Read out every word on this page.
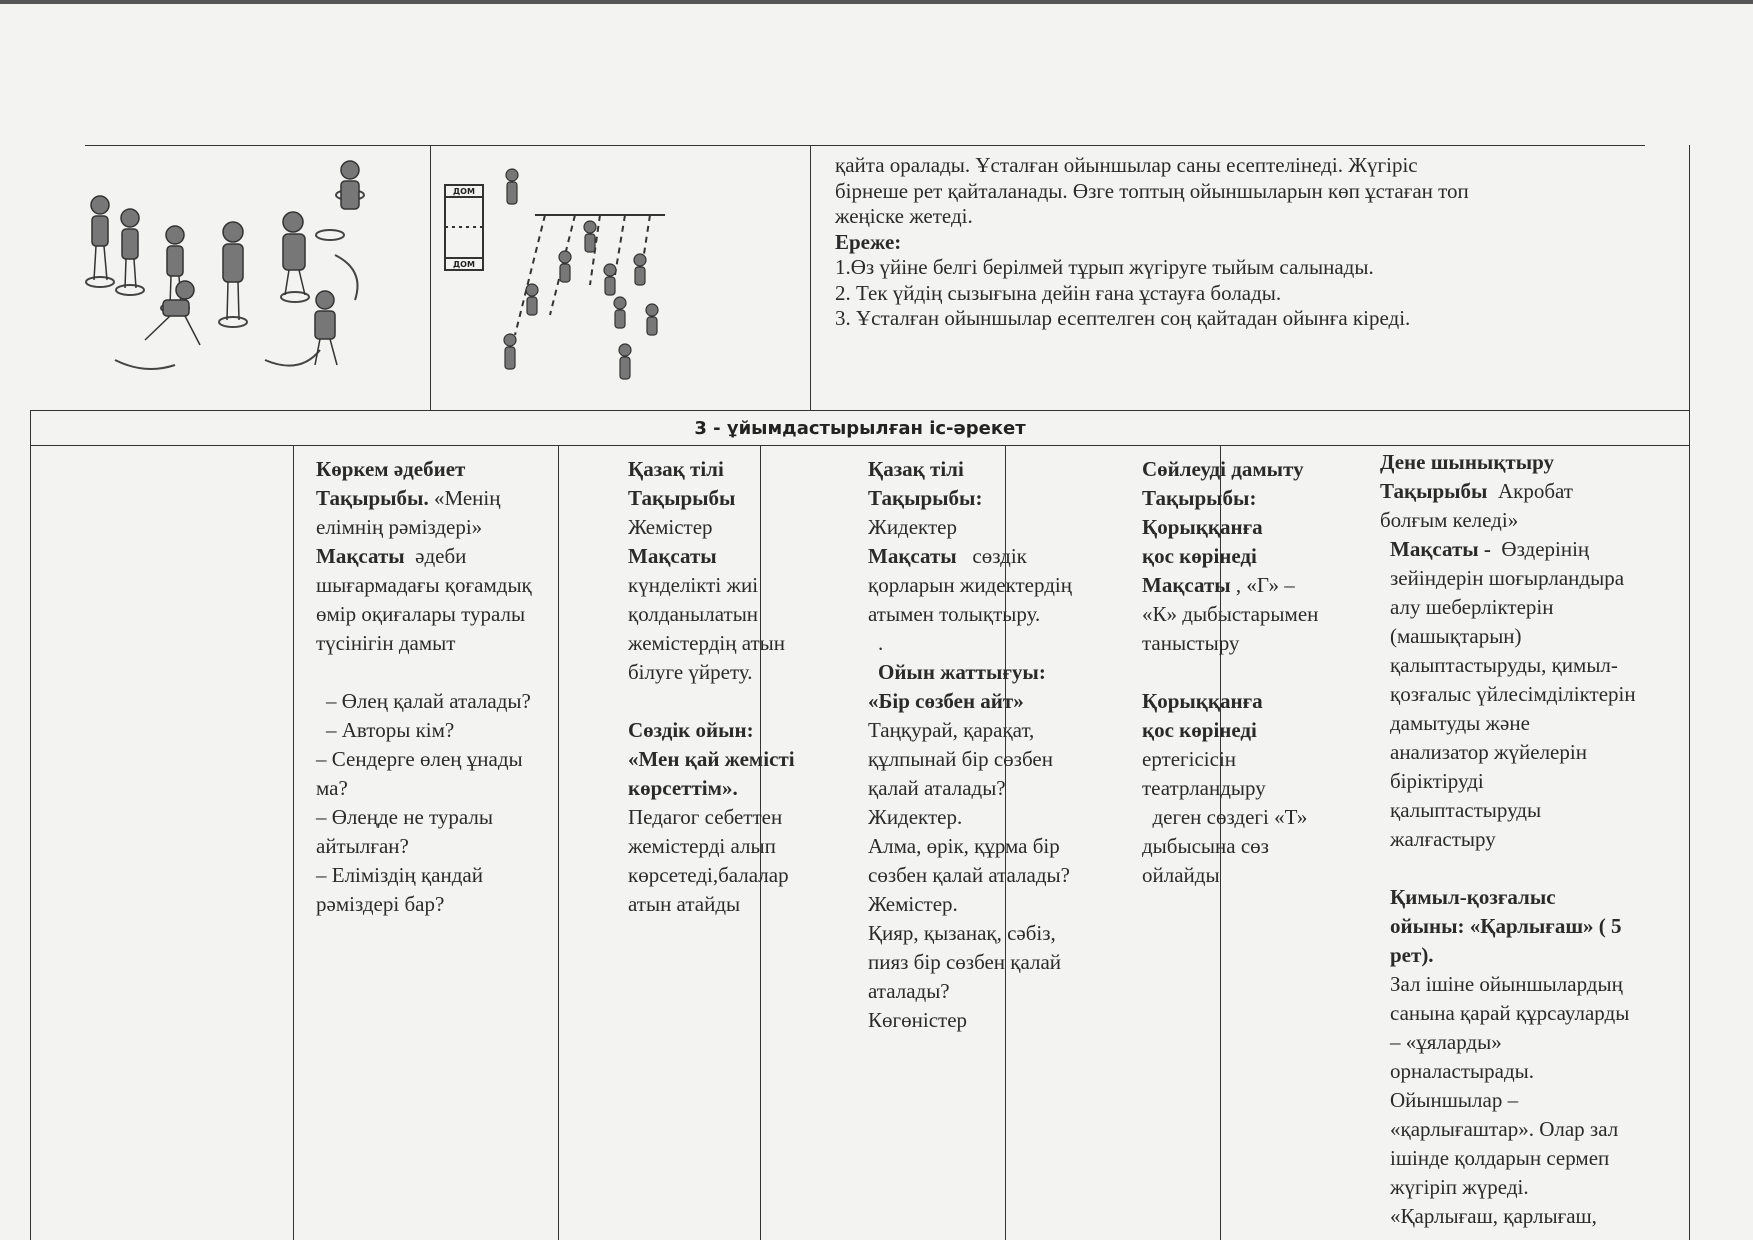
ДОМ
ДОМ

қайта оралады. Ұсталған ойыншылар саны есептелінеді. Жүгіріс

бірнеше рет қайталанады. Өзге топтың ойыншыларын көп ұстаған топ

жеңіске жетеді.

Ереже:

1.Өз үйіне белгі берілмей тұрып жүгіруге тыйым салынады.

2. Тек үйдің сызығына дейін ғана ұстауға болады.

3. Ұсталған ойыншылар есептелген соң қайтадан ойынға кіреді.

3 - ұйымдастырылған іс-әрекет
Көркем әдебиет
Тақырыбы. «Менің
елімнің рәміздері»
Мақсаты әдеби
шығармадағы қоғамдық
өмір оқиғалары туралы
түсінігін дамыт
– Өлең қалай аталады?
– Авторы кім?
– Сендерге өлең ұнады
ма?
– Өлеңде не туралы
айтылған?
– Еліміздің қандай
рәміздері бар?
Қазақ тілі
Тақырыбы
Жемістер
Мақсаты
күнделікті жиі
қолданылатын
жемістердің атын
білуге үйрету.
Сөздік ойын:
«Мен қай жемісті
көрсеттім».
Педагог себеттен
жемістерді алып
көрсетеді,балалар
атын атайды
Қазақ тілі
Тақырыбы:
Жидектер
Мақсаты сөздік
қорларын жидектердің
атымен толықтыру.
.
Ойын жаттығуы:
«Бір сөзбен айт»
Таңқурай, қарақат,
құлпынай бір сөзбен
қалай аталады?
Жидектер.
Алма, өрік, құрма бір
сөзбен қалай аталады?
Жемістер.
Қияр, қызанақ, сәбіз,
пияз бір сөзбен қалай
аталады?
Көгөністер
Сөйлеуді дамыту
Тақырыбы:
Қорыққанға
қос көрінеді
Мақсаты , «Г» –
«К» дыбыстарымен
таныстыру
Қорыққанға
қос көрінеді
ертегісісін
театрландыру
деген сөздегі «Т»
дыбысына сөз
ойлайды
Дене шынықтыру
Тақырыбы Акробат
болғым келеді»
Мақсаты - Өздерінің
зейіндерін шоғырландыра
алу шеберліктерін
(машықтарын)
қалыптастыруды, қимыл-
қозғалыс үйлесімділіктерін
дамытуды және
анализатор жүйелерін
біріктіруді
қалыптастыруды
жалғастыру
Қимыл-қозғалыс
ойыны: «Қарлығаш» ( 5
рет).
Зал ішіне ойыншылардың
санына қарай құрсауларды
– «ұяларды»
орналастырады.
Ойыншылар –
«қарлығаштар». Олар зал
ішінде қолдарын сермеп
жүгіріп жүреді.
«Қарлығаш, қарлығаш,
